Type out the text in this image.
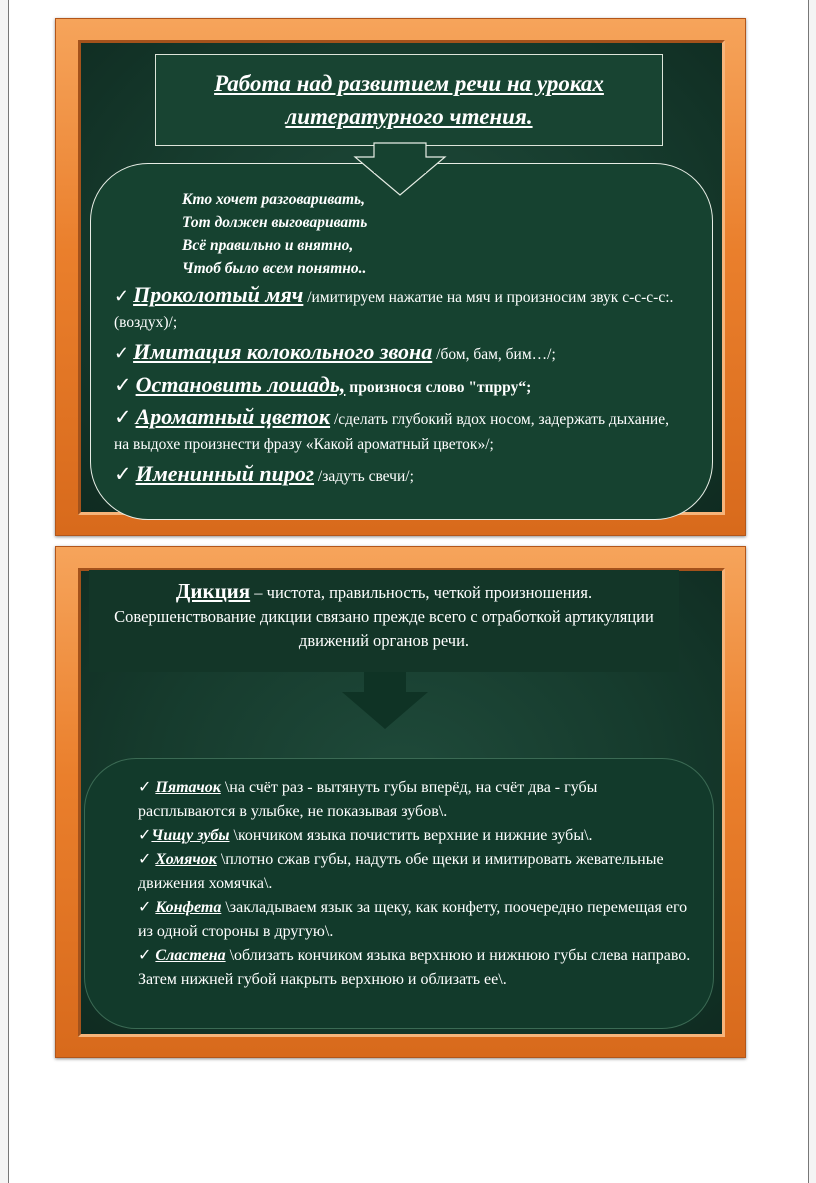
Работа над развитием речи на уроках литературного чтения.
Кто хочет разговаривать,
Тот должен выговаривать
Всё правильно и внятно,
Чтоб было всем понятно..

✓ Проколотый мяч /имитируем нажатие на мяч и произносим звук с-с-с-с:.(воздух)/;

✓ Имитация колокольного звона /бом, бам, бим…/;

✓ Остановить лошадь, произнося слово "тпрру“;

✓ Ароматный цветок /сделать глубокий вдох носом, задержать дыхание, на выдохе произнести фразу «Какой ароматный цветок»/;

✓ Именинный пирог /задуть свечи/;

Дикция – чистота, правильность, четкой произношения.
Совершенствование дикции связано прежде всего с отработкой артикуляции движений органов речи.

✓ Пятачок \на счёт раз - вытянуть губы вперёд, на счёт два - губы расплываются в улыбке, не показывая зубов\.

✓Чищу зубы \кончиком языка почистить верхние и нижние зубы\.

✓ Хомячок \плотно сжав губы, надуть обе щеки и имитировать жевательные движения хомячка\.

✓ Конфета \закладываем язык за щеку, как конфету, поочередно перемещая его из одной стороны в другую\.

✓ Сластена \облизать кончиком языка верхнюю и нижнюю губы слева направо. Затем нижней губой накрыть верхнюю и облизать ее\.
